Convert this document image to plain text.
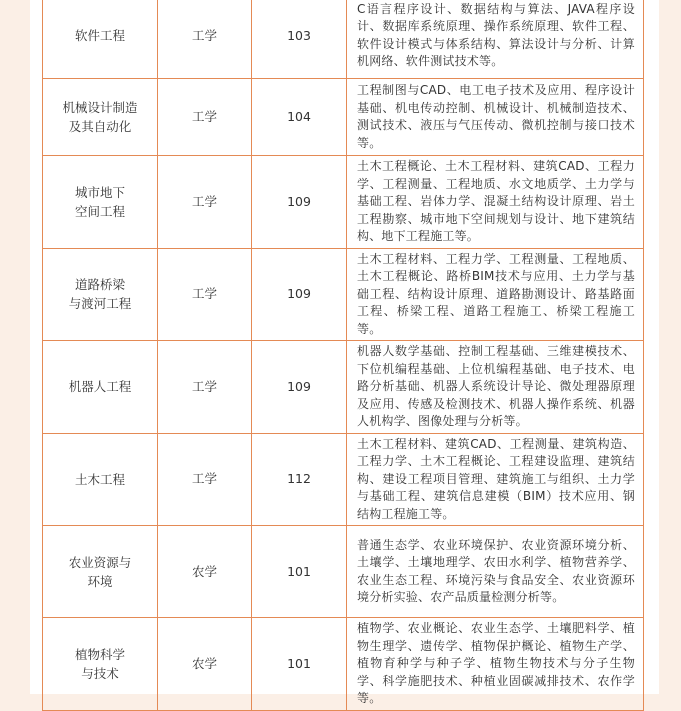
软件工程	工学	103	C语言程序设计、数据结构与算法、JAVA程序设计、数据库系统原理、操作系统原理、软件工程、软件设计模式与体系结构、算法设计与分析、计算机网络、软件测试技术等。

机械设计制造
及其自动化	工学	104	工程制图与CAD、电工电子技术及应用、程序设计基础、机电传动控制、机械设计、机械制造技术、测试技术、液压与气压传动、微机控制与接口技术等。

城市地下
空间工程	工学	109	土木工程概论、土木工程材料、建筑CAD、工程力学、工程测量、工程地质、水文地质学、土力学与基础工程、岩体力学、混凝土结构设计原理、岩土工程勘察、城市地下空间规划与设计、地下建筑结构、地下工程施工等。

道路桥梁
与渡河工程	工学	109	土木工程材料、工程力学、工程测量、工程地质、土木工程概论、路桥BIM技术与应用、土力学与基础工程、结构设计原理、道路勘测设计、路基路面工程、桥梁工程、道路工程施工、桥梁工程施工等。

机器人工程	工学	109	机器人数学基础、控制工程基础、三维建模技术、下位机编程基础、上位机编程基础、电子技术、电路分析基础、机器人系统设计导论、微处理器原理及应用、传感及检测技术、机器人操作系统、机器人机构学、图像处理与分析等。

土木工程	工学	112	土木工程材料、建筑CAD、工程测量、建筑构造、工程力学、土木工程概论、工程建设监理、建筑结构、建设工程项目管理、建筑施工与组织、土力学与基础工程、建筑信息建模（BIM）技术应用、钢结构工程施工等。

农业资源与
环境	农学	101	普通生态学、农业环境保护、农业资源环境分析、土壤学、土壤地理学、农田水利学、植物营养学、农业生态工程、环境污染与食品安全、农业资源环境分析实验、农产品质量检测分析等。

植物科学
与技术	农学	101	植物学、农业概论、农业生态学、土壤肥料学、植物生理学、遗传学、植物保护概论、植物生产学、植物育种学与种子学、植物生物技术与分子生物学、科学施肥技术、种植业固碳减排技术、农作学等。
